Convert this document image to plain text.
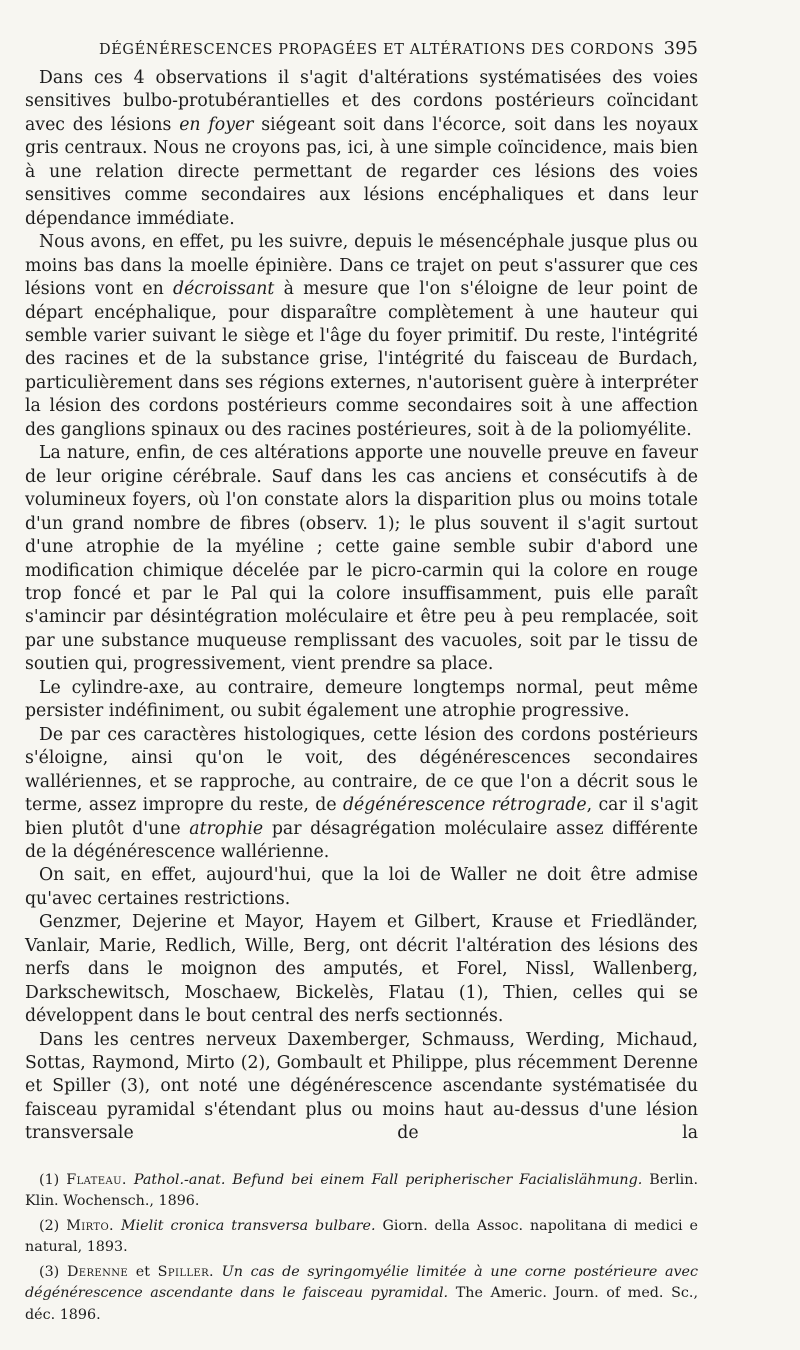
DÉGÉNÉRESCENCES PROPAGÉES ET ALTÉRATIONS DES CORDONS 395

Dans ces 4 observations il s'agit d'altérations systématisées des voies sensitives bulbo-protubérantielles et des cordons postérieurs coïncidant avec des lésions en foyer siégeant soit dans l'écorce, soit dans les noyaux gris centraux. Nous ne croyons pas, ici, à une simple coïncidence, mais bien à une relation directe permettant de regarder ces lésions des voies sensitives comme secondaires aux lésions encéphaliques et dans leur dépendance immédiate.

Nous avons, en effet, pu les suivre, depuis le mésencéphale jusque plus ou moins bas dans la moelle épinière. Dans ce trajet on peut s'assurer que ces lésions vont en décroissant à mesure que l'on s'éloigne de leur point de départ encéphalique, pour disparaître complètement à une hauteur qui semble varier suivant le siège et l'âge du foyer primitif. Du reste, l'intégrité des racines et de la substance grise, l'intégrité du faisceau de Burdach, particulièrement dans ses régions externes, n'autorisent guère à interpréter la lésion des cordons postérieurs comme secondaires soit à une affection des ganglions spinaux ou des racines postérieures, soit à de la poliomyélite.

La nature, enfin, de ces altérations apporte une nouvelle preuve en faveur de leur origine cérébrale. Sauf dans les cas anciens et consécutifs à de volumineux foyers, où l'on constate alors la disparition plus ou moins totale d'un grand nombre de fibres (observ. 1); le plus souvent il s'agit surtout d'une atrophie de la myéline ; cette gaine semble subir d'abord une modification chimique décelée par le picro-carmin qui la colore en rouge trop foncé et par le Pal qui la colore insuffisamment, puis elle paraît s'amincir par désintégration moléculaire et être peu à peu remplacée, soit par une substance muqueuse remplissant des vacuoles, soit par le tissu de soutien qui, progressivement, vient prendre sa place.

Le cylindre-axe, au contraire, demeure longtemps normal, peut même persister indéfiniment, ou subit également une atrophie progressive.

De par ces caractères histologiques, cette lésion des cordons postérieurs s'éloigne, ainsi qu'on le voit, des dégénérescences secondaires wallériennes, et se rapproche, au contraire, de ce que l'on a décrit sous le terme, assez impropre du reste, de dégénérescence rétrograde, car il s'agit bien plutôt d'une atrophie par désagrégation moléculaire assez différente de la dégénérescence wallérienne.

On sait, en effet, aujourd'hui, que la loi de Waller ne doit être admise qu'avec certaines restrictions.

Genzmer, Dejerine et Mayor, Hayem et Gilbert, Krause et Friedländer, Vanlair, Marie, Redlich, Wille, Berg, ont décrit l'altération des lésions des nerfs dans le moignon des amputés, et Forel, Nissl, Wallenberg, Darkschewitsch, Moschaew, Bickelès, Flatau (1), Thien, celles qui se développent dans le bout central des nerfs sectionnés.

Dans les centres nerveux Daxemberger, Schmauss, Werding, Michaud, Sottas, Raymond, Mirto (2), Gombault et Philippe, plus récemment Derenne et Spiller (3), ont noté une dégénérescence ascendante systématisée du faisceau pyramidal s'étendant plus ou moins haut au-dessus d'une lésion transversale de la

(1) Flateau. Pathol.-anat. Befund bei einem Fall peripherischer Facialislähmung. Berlin. Klin. Wochensch., 1896.

(2) Mirto. Mielit cronica transversa bulbare. Giorn. della Assoc. napolitana di medici e natural, 1893.

(3) Derenne et Spiller. Un cas de syringomyélie limitée à une corne postérieure avec dégénérescence ascendante dans le faisceau pyramidal. The Americ. Journ. of med. Sc., déc. 1896.
